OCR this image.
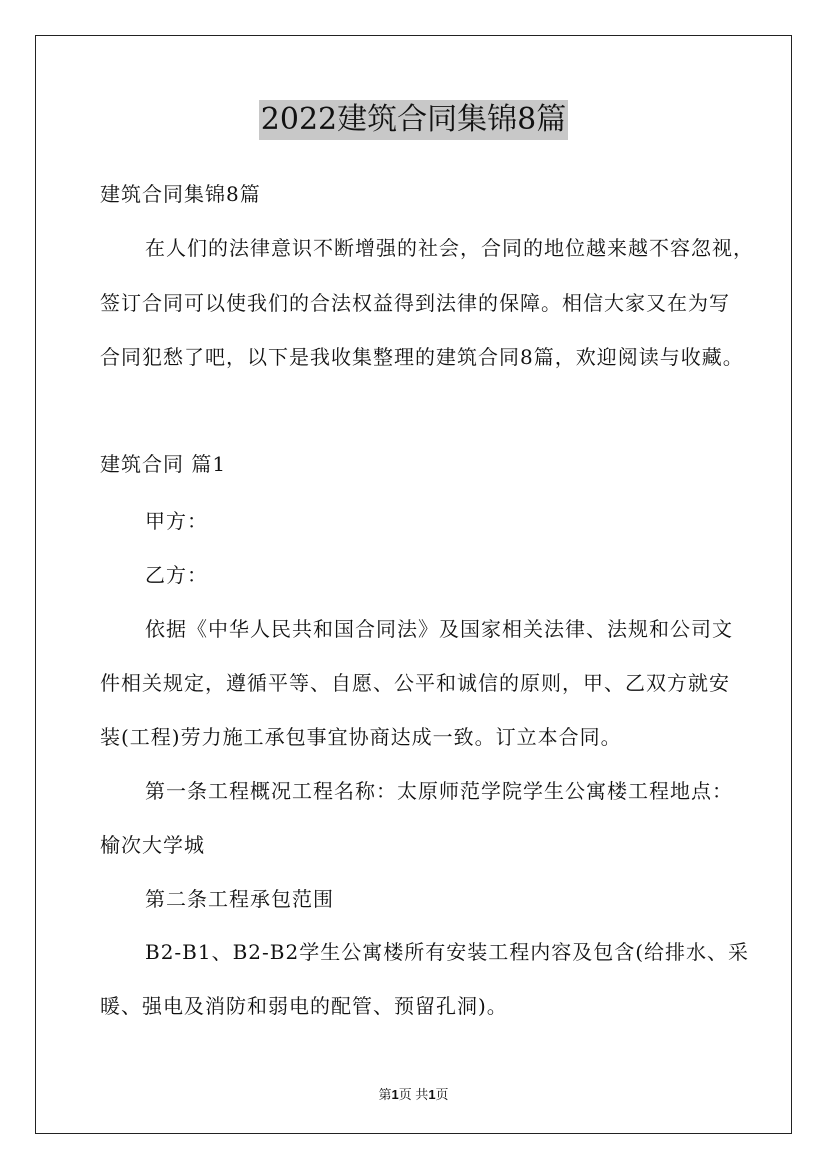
2022建筑合同集锦8篇
建筑合同集锦8篇
在人们的法律意识不断增强的社会，合同的地位越来越不容忽视，
签订合同可以使我们的合法权益得到法律的保障。相信大家又在为写
合同犯愁了吧，以下是我收集整理的建筑合同8篇，欢迎阅读与收藏。
建筑合同 篇1
甲方：
乙方：
依据《中华人民共和国合同法》及国家相关法律、法规和公司文
件相关规定，遵循平等、自愿、公平和诚信的原则，甲、乙双方就安
装(工程)劳力施工承包事宜协商达成一致。订立本合同。
第一条工程概况工程名称：太原师范学院学生公寓楼工程地点：
榆次大学城
第二条工程承包范围
B2-B1、B2-B2学生公寓楼所有安装工程内容及包含(给排水、采
暖、强电及消防和弱电的配管、预留孔洞)。
第1页 共1页
